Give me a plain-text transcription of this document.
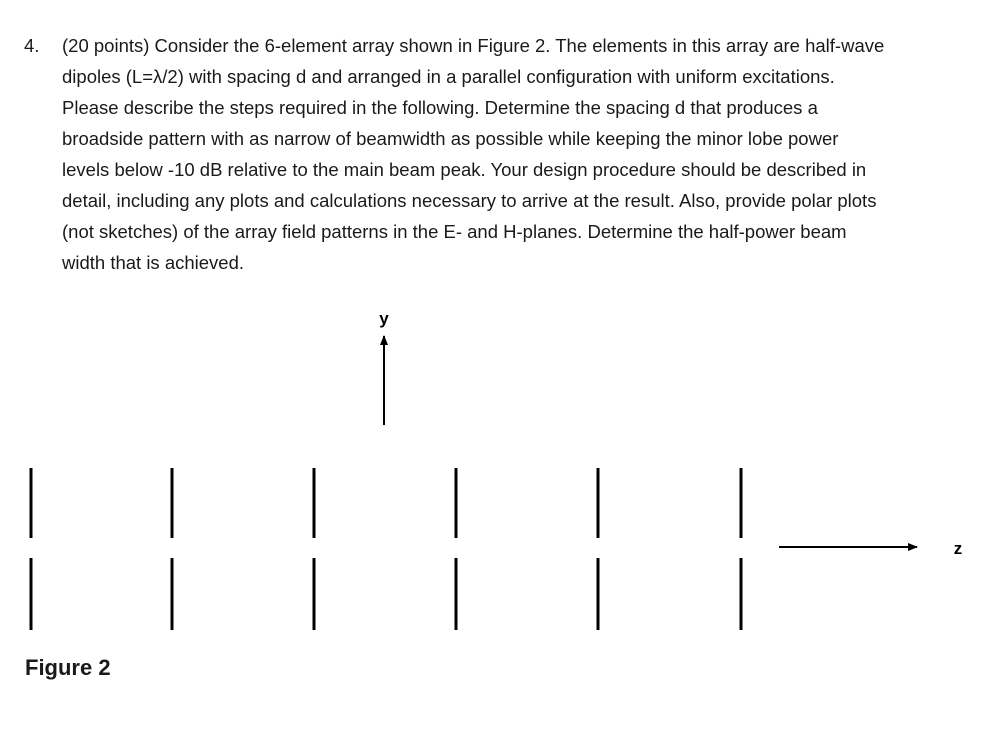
4. (20 points) Consider the 6-element array shown in Figure 2. The elements in this array are half-wave
dipoles (L=λ/2) with spacing d and arranged in a parallel configuration with uniform excitations.
Please describe the steps required in the following. Determine the spacing d that produces a
broadside pattern with as narrow of beamwidth as possible while keeping the minor lobe power
levels below -10 dB relative to the main beam peak. Your design procedure should be described in
detail, including any plots and calculations necessary to arrive at the result. Also, provide polar plots
(not sketches) of the array field patterns in the E- and H-planes. Determine the half-power beam
width that is achieved.
y
z
Figure 2
